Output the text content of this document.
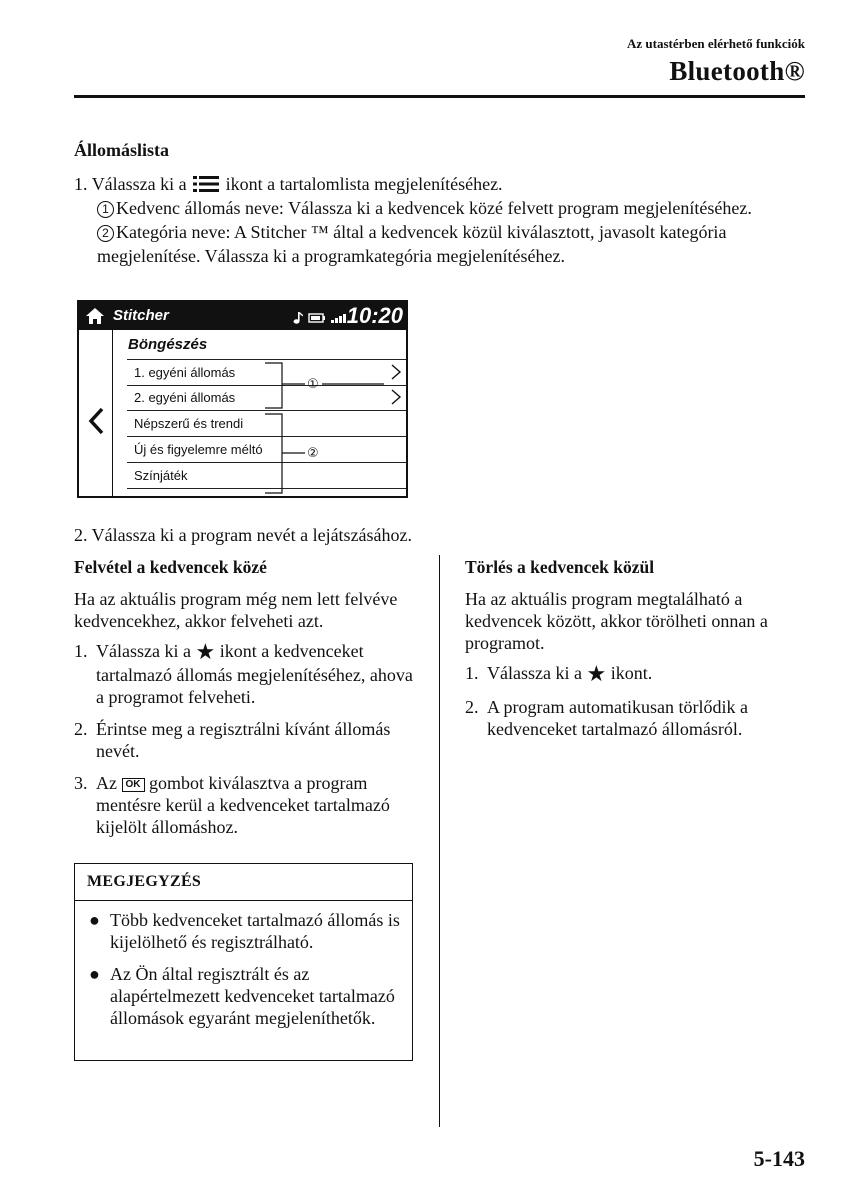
Az utastérben elérhető funkciók
Bluetooth®
Állomáslista
1. Válassza ki a ikont a tartalomlista megjelenítéséhez.
1 Kedvenc állomás neve: Válassza ki a kedvencek közé felvett program megjelenítéséhez.
2 Kategória neve: A Stitcher ™ által a kedvencek közül kiválasztott, javasolt kategória
megjelenítése. Válassza ki a programkategória megjelenítéséhez.
Stitcher	10:20
Böngészés
1. egyéni állomás
2. egyéni állomás
Népszerű és trendi
Új és figyelemre méltó
Színjáték
①
②
2. Válassza ki a program nevét a lejátszásához.
Felvétel a kedvencek közé
Ha az aktuális program még nem lett felvéve kedvencekhez, akkor felveheti azt.
1. Válassza ki a ★ ikont a kedvenceket tartalmazó állomás megjelenítéséhez, ahova a programot felveheti.
2. Érintse meg a regisztrálni kívánt állomás nevét.
3. Az OK gombot kiválasztva a program mentésre kerül a kedvenceket tartalmazó kijelölt állomáshoz.
MEGJEGYZÉS
● Több kedvenceket tartalmazó állomás is kijelölhető és regisztrálható.
● Az Ön által regisztrált és az alapértelmezett kedvenceket tartalmazó állomások egyaránt megjeleníthetők.
Törlés a kedvencek közül
Ha az aktuális program megtalálható a kedvencek között, akkor törölheti onnan a programot.
1. Válassza ki a ★ ikont.
2. A program automatikusan törlődik a kedvenceket tartalmazó állomásról.
5-143
